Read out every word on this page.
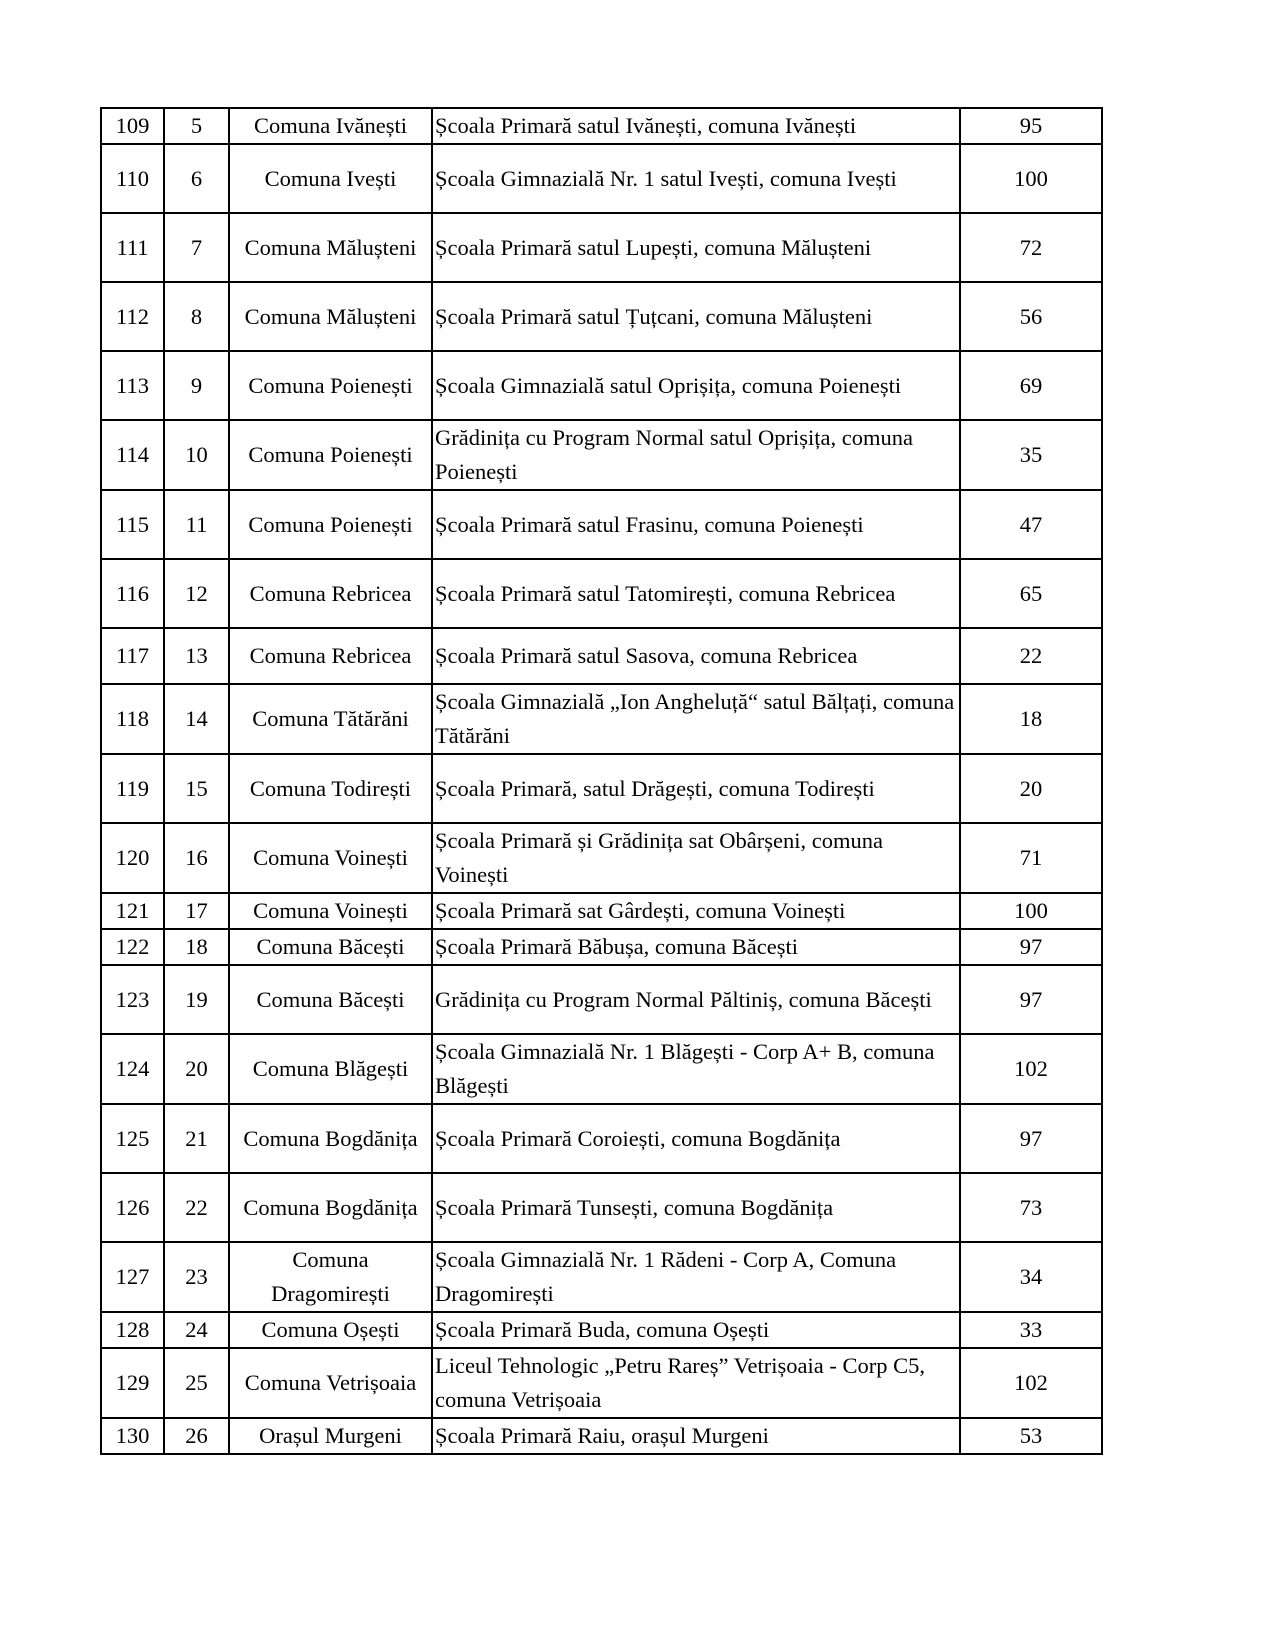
109	5	Comuna Ivănești	Școala Primară satul Ivănești, comuna Ivănești	95
110	6	Comuna Ivești	Școala Gimnazială Nr. 1 satul Ivești, comuna Ivești	100
111	7	Comuna Mălușteni	Școala Primară satul Lupești, comuna Mălușteni	72
112	8	Comuna Mălușteni	Școala Primară satul Țuțcani, comuna Mălușteni	56
113	9	Comuna Poienești	Școala Gimnazială satul Oprișița, comuna Poienești	69
114	10	Comuna Poienești	Grădinița cu Program Normal satul Oprișița, comuna Poienești	35
115	11	Comuna Poienești	Școala Primară satul Frasinu, comuna Poienești	47
116	12	Comuna Rebricea	Școala Primară satul Tatomirești, comuna Rebricea	65
117	13	Comuna Rebricea	Școala Primară satul Sasova, comuna Rebricea	22
118	14	Comuna Tătărăni	Școala Gimnazială „Ion Angheluță“ satul Bălțați, comuna Tătărăni	18
119	15	Comuna Todirești	Școala Primară, satul Drăgești, comuna Todirești	20
120	16	Comuna Voinești	Școala Primară și Grădinița sat Obârșeni, comuna Voinești	71
121	17	Comuna Voinești	Școala Primară sat Gârdești, comuna Voinești	100
122	18	Comuna Băcești	Școala Primară Băbușa, comuna Băcești	97
123	19	Comuna Băcești	Grădinița cu Program Normal Păltiniș, comuna Băcești	97
124	20	Comuna Blăgești	Școala Gimnazială Nr. 1 Blăgești - Corp A+ B, comuna Blăgești	102
125	21	Comuna Bogdănița	Școala Primară Coroiești, comuna Bogdănița	97
126	22	Comuna Bogdănița	Școala Primară Tunsești, comuna Bogdănița	73
127	23	Comuna Dragomirești	Școala Gimnazială Nr. 1 Rădeni - Corp A, Comuna Dragomirești	34
128	24	Comuna Oșești	Școala Primară Buda, comuna Oșești	33
129	25	Comuna Vetrișoaia	Liceul Tehnologic „Petru Rareș” Vetrișoaia - Corp C5, comuna Vetrișoaia	102
130	26	Orașul Murgeni	Școala Primară Raiu, orașul Murgeni	53
